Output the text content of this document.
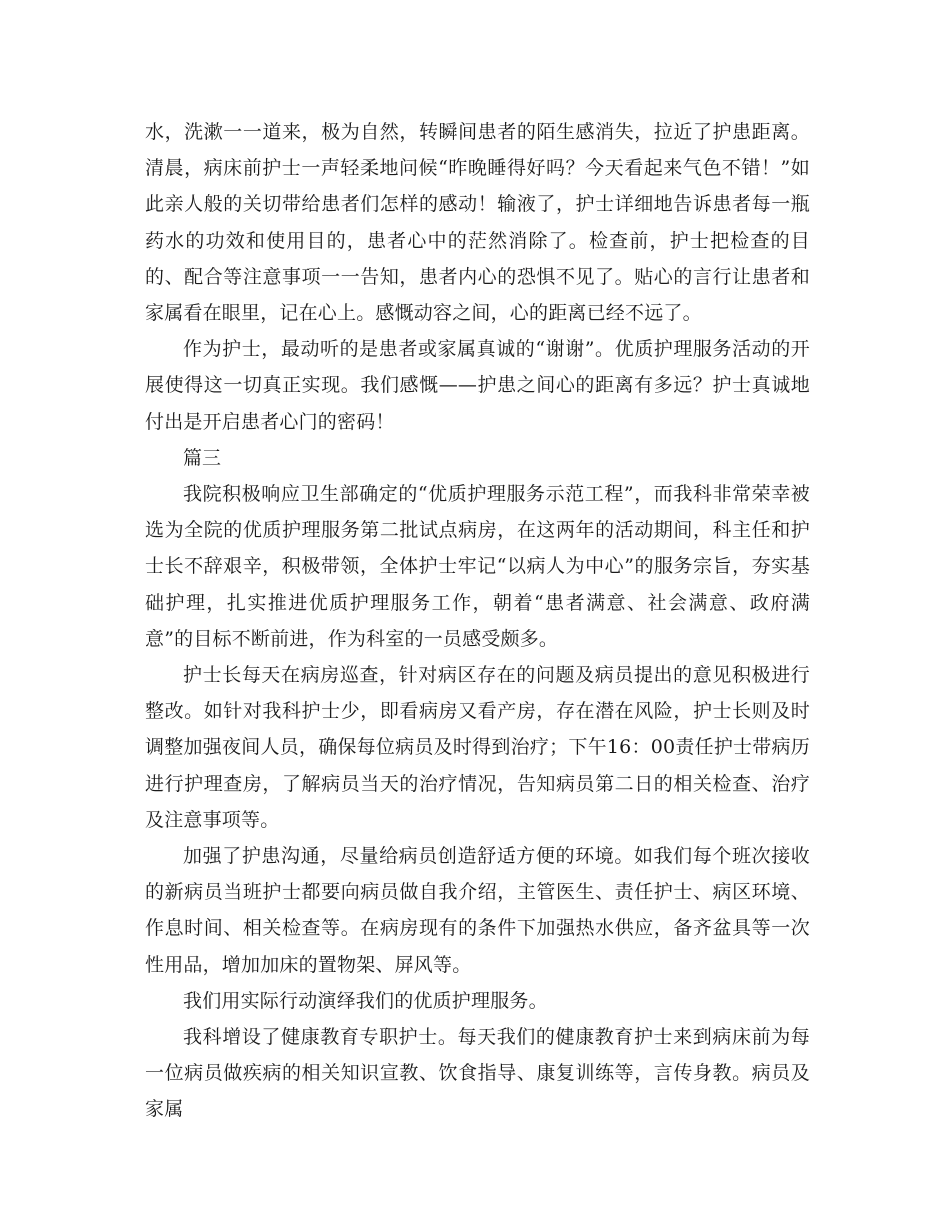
水，洗漱一一道来，极为自然，转瞬间患者的陌生感消失，拉近了护患距离。清晨，病床前护士一声轻柔地问候“昨晚睡得好吗？今天看起来气色不错！”如此亲人般的关切带给患者们怎样的感动！输液了，护士详细地告诉患者每一瓶药水的功效和使用目的，患者心中的茫然消除了。检查前，护士把检查的目的、配合等注意事项一一告知，患者内心的恐惧不见了。贴心的言行让患者和家属看在眼里，记在心上。感慨动容之间，心的距离已经不远了。

作为护士，最动听的是患者或家属真诚的“谢谢”。优质护理服务活动的开展使得这一切真正实现。我们感慨——护患之间心的距离有多远？护士真诚地付出是开启患者心门的密码！

篇三

我院积极响应卫生部确定的“优质护理服务示范工程”，而我科非常荣幸被选为全院的优质护理服务第二批试点病房，在这两年的活动期间，科主任和护士长不辞艰辛，积极带领，全体护士牢记“以病人为中心”的服务宗旨，夯实基础护理，扎实推进优质护理服务工作，朝着“患者满意、社会满意、政府满意”的目标不断前进，作为科室的一员感受颇多。

护士长每天在病房巡查，针对病区存在的问题及病员提出的意见积极进行整改。如针对我科护士少，即看病房又看产房，存在潜在风险，护士长则及时调整加强夜间人员，确保每位病员及时得到治疗；下午16：00责任护士带病历进行护理查房，了解病员当天的治疗情况，告知病员第二日的相关检查、治疗及注意事项等。

加强了护患沟通，尽量给病员创造舒适方便的环境。如我们每个班次接收的新病员当班护士都要向病员做自我介绍，主管医生、责任护士、病区环境、作息时间、相关检查等。在病房现有的条件下加强热水供应，备齐盆具等一次性用品，增加加床的置物架、屏风等。

我们用实际行动演绎我们的优质护理服务。

我科增设了健康教育专职护士。每天我们的健康教育护士来到病床前为每一位病员做疾病的相关知识宣教、饮食指导、康复训练等，言传身教。病员及家属
